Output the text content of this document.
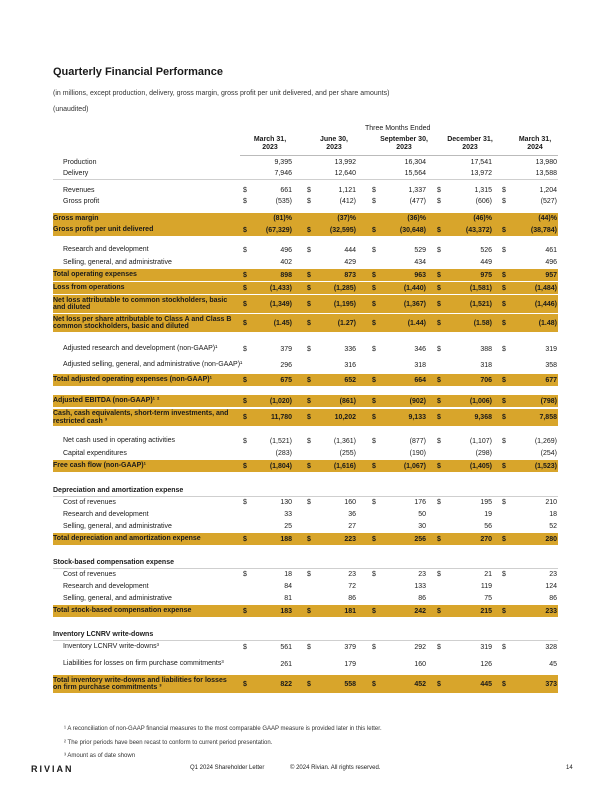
Quarterly Financial Performance
(in millions, except production, delivery, gross margin, gross profit per unit delivered, and per share amounts)
(unaudited)
Three Months Ended
March 31,
2023
June 30,
2023
September 30,
2023
December 31,
2023
March 31,
2024
Production	9,395	13,992	16,304	17,541	13,980
Delivery	7,946	12,640	15,564	13,972	13,588
Revenues	$	661 $	1,121 $	1,337 $	1,315 $	1,204
Gross profit	$	(535) $	(412) $	(477) $	(606) $	(527)
Gross margin	(81)%	(37)%	(36)%	(46)%	(44)%
Gross profit per unit delivered	$	(67,329) $	(32,595) $	(30,648) $	(43,372) $	(38,784)
Research and development	$	496 $	444 $	529 $	526 $	461
Selling, general, and administrative	402	429	434	449	496
Total operating expenses	$	898 $	873 $	963 $	975 $	957
Loss from operations	$	(1,433) $	(1,285) $	(1,440) $	(1,581) $	(1,484)
Net loss attributable to common stockholders, basic and diluted	$	(1,349) $	(1,195) $	(1,367) $	(1,521) $	(1,446)
Net loss per share attributable to Class A and Class B common stockholders, basic and diluted	$	(1.45) $	(1.27) $	(1.44) $	(1.58) $	(1.48)
Adjusted research and development (non-GAAP)¹	$	379 $	336 $	346 $	388 $	319
Adjusted selling, general, and administrative (non-GAAP)¹	296	316	318	318	358
Total adjusted operating expenses (non-GAAP)¹	$	675 $	652 $	664 $	706 $	677
Adjusted EBITDA (non-GAAP)¹ ²	$	(1,020) $	(861) $	(902) $	(1,006) $	(798)
Cash, cash equivalents, short-term investments, and restricted cash ³	$	11,780 $	10,202 $	9,133 $	9,368 $	7,858
Net cash used in operating activities	$	(1,521) $	(1,361) $	(877) $	(1,107) $	(1,269)
Capital expenditures	(283)	(255)	(190)	(298)	(254)
Free cash flow (non-GAAP)¹	$	(1,804) $	(1,616) $	(1,067) $	(1,405) $	(1,523)
Depreciation and amortization expense
Cost of revenues	$	130 $	160 $	176 $	195 $	210
Research and development	33	36	50	19	18
Selling, general, and administrative	25	27	30	56	52
Total depreciation and amortization expense	$	188 $	223 $	256 $	270 $	280
Stock-based compensation expense
Cost of revenues	$	18 $	23 $	23 $	21 $	23
Research and development	84	72	133	119	124
Selling, general, and administrative	81	86	86	75	86
Total stock-based compensation expense	$	183 $	181 $	242 $	215 $	233
Inventory LCNRV write-downs
Inventory LCNRV write-downs³	$	561 $	379 $	292 $	319 $	328
Liabilities for losses on firm purchase commitments³	261	179	160	126	45
Total inventory write-downs and liabilities for losses on firm purchase commitments ³	$	822 $	558 $	452 $	445 $	373
¹ A reconciliation of non-GAAP financial measures to the most comparable GAAP measure is provided later in this letter.
² The prior periods have been recast to conform to current period presentation.
³ Amount as of date shown
RIVIAN	Q1 2024 Shareholder Letter	© 2024 Rivian. All rights reserved.	14
